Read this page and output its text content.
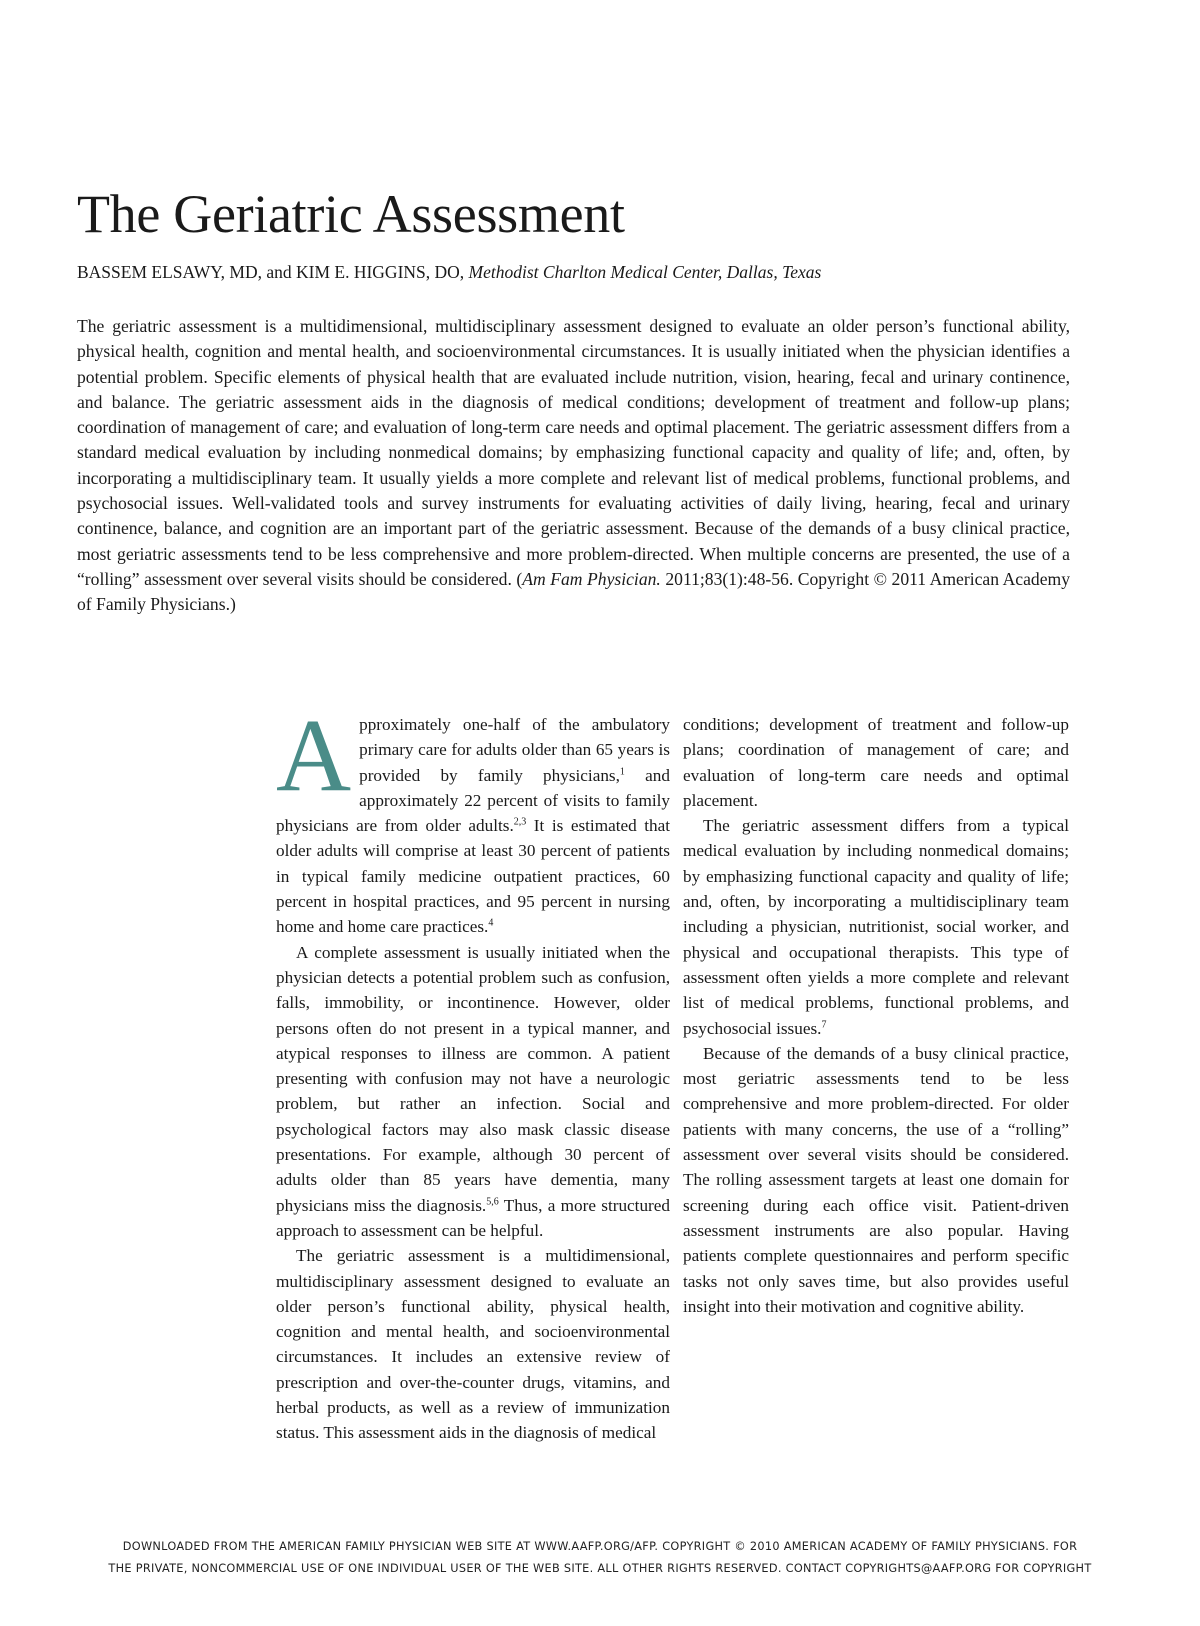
The Geriatric Assessment
BASSEM ELSAWY, MD, and KIM E. HIGGINS, DO, Methodist Charlton Medical Center, Dallas, Texas

The geriatric assessment is a multidimensional, multidisciplinary assessment designed to evaluate an older person’s functional ability, physical health, cognition and mental health, and socioenvironmental circumstances. It is usually initiated when the physician identifies a potential problem. Specific elements of physical health that are evaluated include nutrition, vision, hearing, fecal and urinary continence, and balance. The geriatric assessment aids in the diagnosis of medical conditions; development of treatment and follow-up plans; coordination of management of care; and evaluation of long-term care needs and optimal placement. The geriatric assessment differs from a standard medical evaluation by including nonmedical domains; by emphasizing functional capacity and quality of life; and, often, by incorporating a multidisciplinary team. It usually yields a more complete and relevant list of medical problems, functional problems, and psychosocial issues. Well-validated tools and survey instruments for evaluating activities of daily living, hearing, fecal and urinary continence, balance, and cognition are an important part of the geriatric assessment. Because of the demands of a busy clinical practice, most geriatric assessments tend to be less comprehensive and more problem-directed. When multiple concerns are presented, the use of a “rolling” assessment over several visits should be considered. (Am Fam Physician. 2011;83(1):48-56. Copyright © 2011 American Academy of Family Physicians.)

Approximately one-half of the ambulatory primary care for adults older than 65 years is provided by family physicians,$^1$ and approximately 22 percent of visits to family physicians are from older adults.$^{2,3}$ It is estimated that older adults will comprise at least 30 percent of patients in typical family medicine outpatient practices, 60 percent in hospital practices, and 95 percent in nursing home and home care practices.$^4$

A complete assessment is usually initiated when the physician detects a potential problem such as confusion, falls, immobility, or incontinence. However, older persons often do not present in a typical manner, and atypical responses to illness are common. A patient presenting with confusion may not have a neurologic problem, but rather an infection. Social and psychological factors may also mask classic disease presentations. For example, although 30 percent of adults older than 85 years have dementia, many physicians miss the diagnosis.$^{5,6}$ Thus, a more structured approach to assessment can be helpful.

The geriatric assessment is a multidimensional, multidisciplinary assessment designed to evaluate an older person’s functional ability, physical health, cognition and mental health, and socioenvironmental circumstances. It includes an extensive review of prescription and over-the-counter drugs, vitamins, and herbal products, as well as a review of immunization status. This assessment aids in the diagnosis of medical

conditions; development of treatment and follow-up plans; coordination of management of care; and evaluation of long-term care needs and optimal placement.

The geriatric assessment differs from a typical medical evaluation by including nonmedical domains; by emphasizing functional capacity and quality of life; and, often, by incorporating a multidisciplinary team including a physician, nutritionist, social worker, and physical and occupational therapists. This type of assessment often yields a more complete and relevant list of medical problems, functional problems, and psychosocial issues.$^7$

Because of the demands of a busy clinical practice, most geriatric assessments tend to be less comprehensive and more problem-directed. For older patients with many concerns, the use of a “rolling” assessment over several visits should be considered. The rolling assessment targets at least one domain for screening during each office visit. Patient-driven assessment instruments are also popular. Having patients complete questionnaires and perform specific tasks not only saves time, but also provides useful insight into their motivation and cognitive ability.

DOWNLOADED FROM THE AMERICAN FAMILY PHYSICIAN WEB SITE AT WWW.AAFP.ORG/AFP. COPYRIGHT © 2010 AMERICAN ACADEMY OF FAMILY PHYSICIANS. FOR
THE PRIVATE, NONCOMMERCIAL USE OF ONE INDIVIDUAL USER OF THE WEB SITE. ALL OTHER RIGHTS RESERVED. CONTACT COPYRIGHTS@AAFP.ORG FOR COPYRIGHT
